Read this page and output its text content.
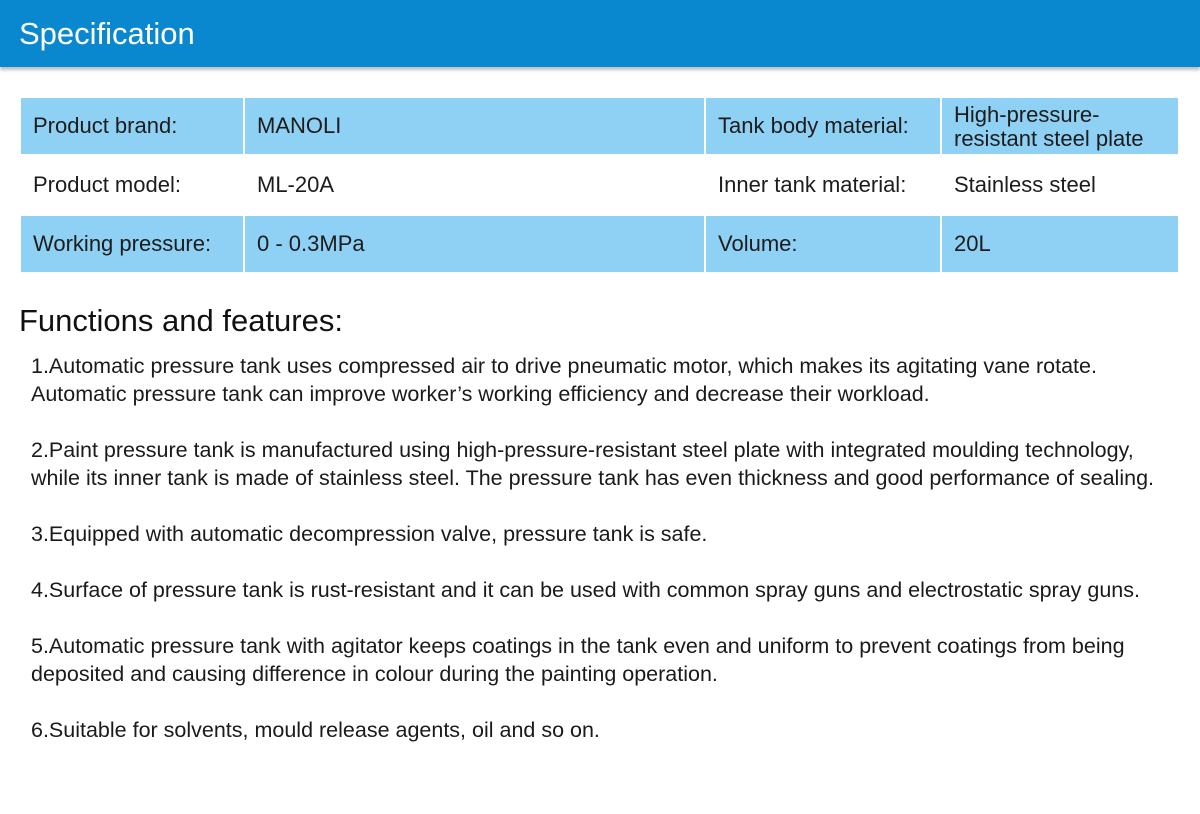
Specification
Product brand:	MANOLI	Tank body material:	High-pressure-resistant steel plate
Product model:	ML-20A	Inner tank material:	Stainless steel
Working pressure:	0 - 0.3MPa	Volume:	20L
Functions and features:
1.Automatic pressure tank uses compressed air to drive pneumatic motor, which makes its agitating vane rotate. Automatic pressure tank can improve worker’s working efficiency and decrease their workload.
2.Paint pressure tank is manufactured using high-pressure-resistant steel plate with integrated moulding technology, while its inner tank is made of stainless steel. The pressure tank has even thickness and good performance of sealing.
3.Equipped with automatic decompression valve, pressure tank is safe.
4.Surface of pressure tank is rust-resistant and it can be used with common spray guns and electrostatic spray guns.
5.Automatic pressure tank with agitator keeps coatings in the tank even and uniform to prevent coatings from being deposited and causing difference in colour during the painting operation.
6.Suitable for solvents, mould release agents, oil and so on.
